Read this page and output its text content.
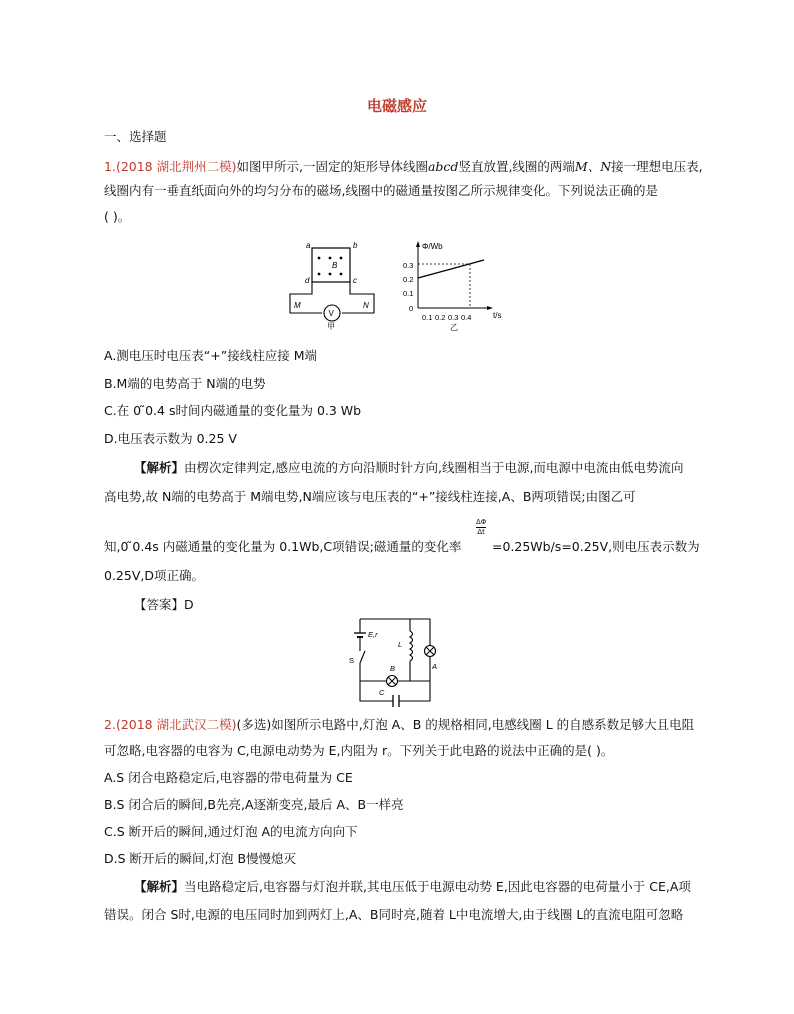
电磁感应
一、选择题
1.(2018 湖北荆州二模)如图甲所示,一固定的矩形导体线圈abcd竖直放置,线圈的两端M、N接一理想电压表,
线圈内有一垂直纸面向外的均匀分布的磁场,线圈中的磁通量按图乙所示规律变化。下列说法正确的是
( )。
a	b
c
d
B
V
M	N
甲
Φ/Wb
t/s
0
0.1
0.2
0.3
0.1 0.2 0.3 0.4
乙
A.测电压时电压表“+”接线柱应接 M端
B.M端的电势高于 N端的电势
C.在 0 ̃0.4 s时间内磁通量的变化量为 0.3 Wb
D.电压表示数为 0.25 V
【解析】由楞次定律判定,感应电流的方向沿顺时针方向,线圈相当于电源,而电源中电流由低电势流向
高电势,故 N端的电势高于 M端电势,N端应该与电压表的“+”接线柱连接,A、B两项错误;由图乙可
知,0 ̃0.4s 内磁通量的变化量为 0.1Wb,C项错误;磁通量的变化率
$\frac{\Delta\Phi}{\Delta t}$
=0.25Wb/s=0.25V,则电压表示数为
0.25V,D项正确。
【答案】D
E,r
S
L
A
B
C
2.(2018 湖北武汉二模)(多选)如图所示电路中,灯泡 A、B 的规格相同,电感线圈 L 的自感系数足够大且电阻
可忽略,电容器的电容为 C,电源电动势为 E,内阻为 r。下列关于此电路的说法中正确的是( )。
A.S 闭合电路稳定后,电容器的带电荷量为 CE
B.S 闭合后的瞬间,B先亮,A逐渐变亮,最后 A、B一样亮
C.S 断开后的瞬间,通过灯泡 A的电流方向向下
D.S 断开后的瞬间,灯泡 B慢慢熄灭
【解析】当电路稳定后,电容器与灯泡并联,其电压低于电源电动势 E,因此电容器的电荷量小于 CE,A项
错误。闭合 S时,电源的电压同时加到两灯上,A、B同时亮,随着 L中电流增大,由于线圈 L的直流电阻可忽略
